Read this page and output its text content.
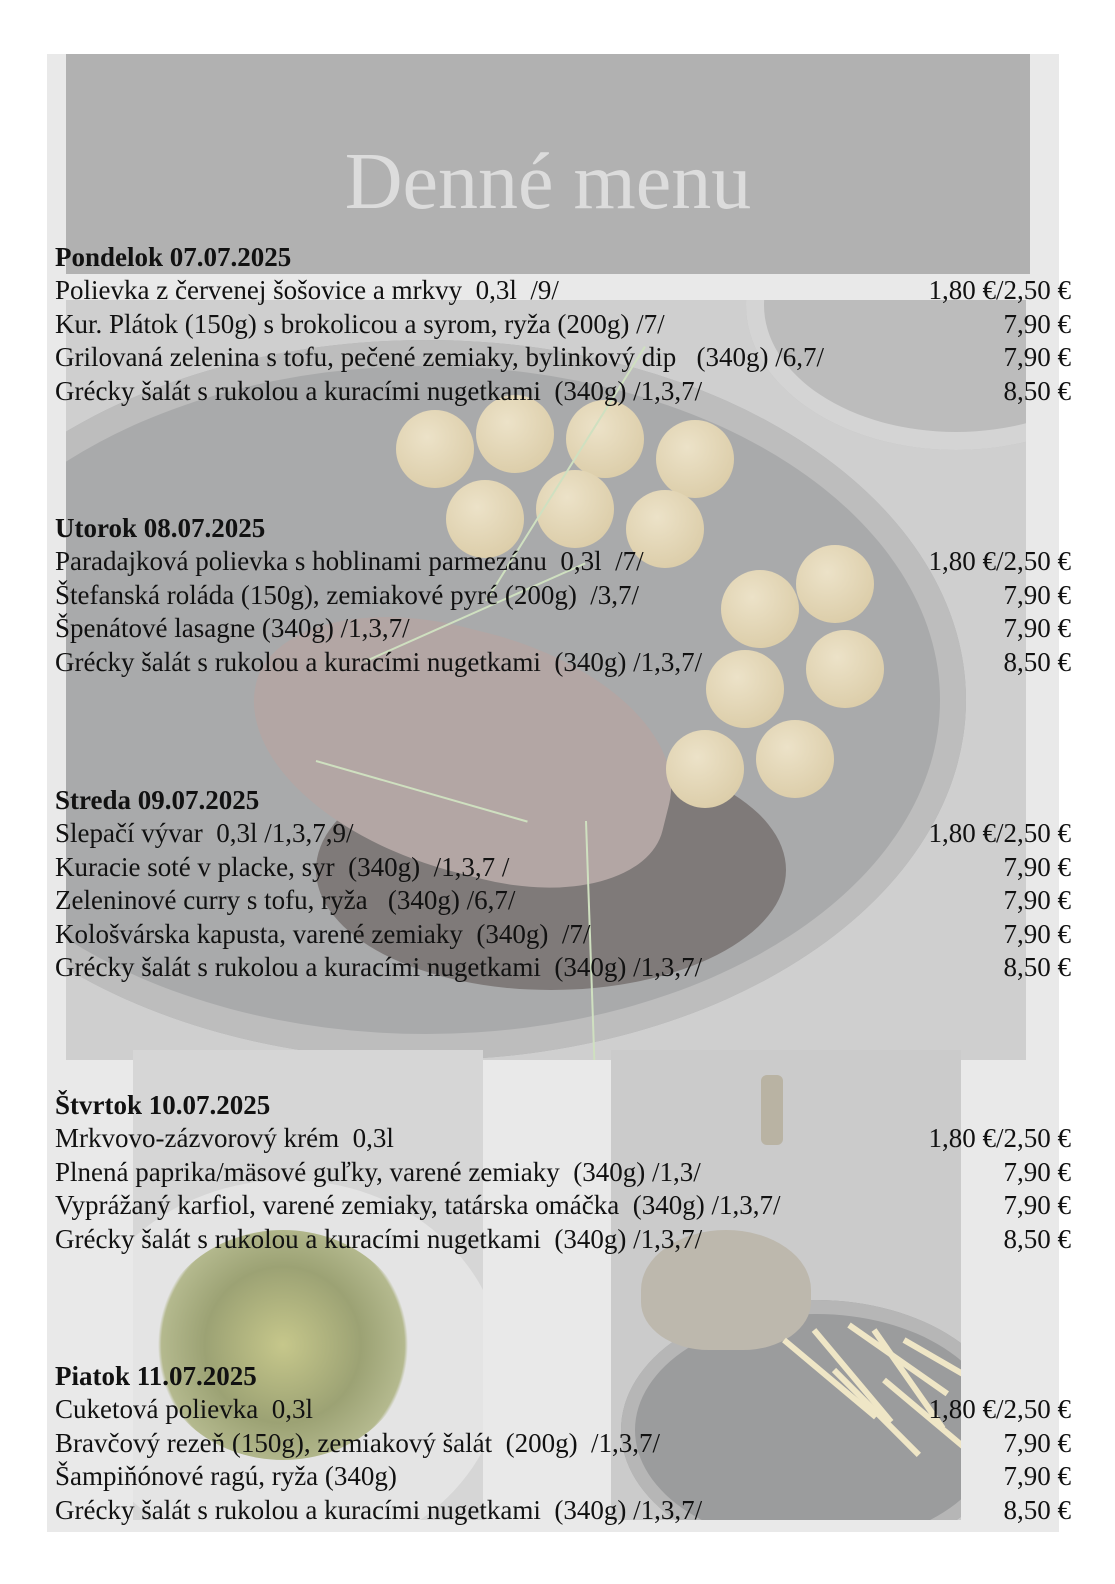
Denné menu
Pondelok 07.07.2025
Polievka z červenej šošovice a mrkvy  0,3l  /9/	1,80 €/2,50 €
Kur. Plátok (150g) s brokolicou a syrom, ryža (200g) /7/	7,90 €
Grilovaná zelenina s tofu, pečené zemiaky, bylinkový dip   (340g) /6,7/	7,90 €
Grécky šalát s rukolou a kuracími nugetkami  (340g) /1,3,7/	8,50 €
Utorok 08.07.2025
Paradajková polievka s hoblinami parmezánu  0,3l  /7/	1,80 €/2,50 €
Štefanská roláda (150g), zemiakové pyré (200g)  /3,7/	7,90 €
Špenátové lasagne (340g) /1,3,7/	7,90 €
Grécky šalát s rukolou a kuracími nugetkami  (340g) /1,3,7/	8,50 €
Streda 09.07.2025
Slepačí vývar  0,3l /1,3,7,9/	1,80 €/2,50 €
Kuracie soté v placke, syr  (340g)  /1,3,7 /	7,90 €
Zeleninové curry s tofu, ryža   (340g) /6,7/	7,90 €
Kološvárska kapusta, varené zemiaky  (340g)  /7/	7,90 €
Grécky šalát s rukolou a kuracími nugetkami  (340g) /1,3,7/	8,50 €
Štvrtok 10.07.2025
Mrkvovo-zázvorový krém  0,3l	1,80 €/2,50 €
Plnená paprika/mäsové guľky, varené zemiaky  (340g) /1,3/	7,90 €
Vyprážaný karfiol, varené zemiaky, tatárska omáčka  (340g) /1,3,7/	7,90 €
Grécky šalát s rukolou a kuracími nugetkami  (340g) /1,3,7/	8,50 €
Piatok 11.07.2025
Cuketová polievka  0,3l	1,80 €/2,50 €
Bravčový rezeň (150g), zemiakový šalát  (200g)  /1,3,7/	7,90 €
Šampiňónové ragú, ryža (340g)	7,90 €
Grécky šalát s rukolou a kuracími nugetkami  (340g) /1,3,7/	8,50 €
